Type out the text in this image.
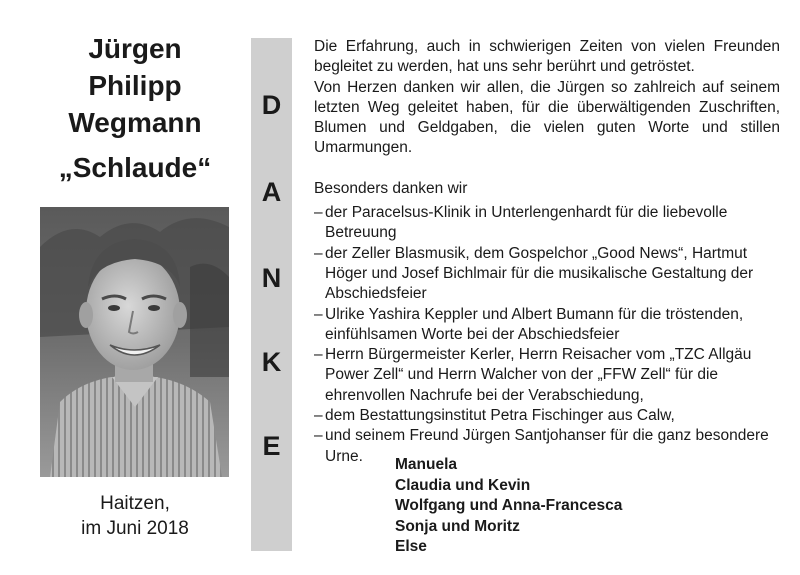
Jürgen
Philipp
Wegmann
„Schlaude“
Haitzen,
im Juni 2018
D
A
N
K
E

Die Erfahrung, auch in schwierigen Zeiten von vielen Freunden begleitet zu werden, hat uns sehr berührt und getröstet.

Von Herzen danken wir allen, die Jürgen so zahlreich auf seinem letzten Weg geleitet haben, für die überwältigenden Zuschriften, Blumen und Geldgaben, die vielen guten Worte und stillen Umarmungen.

Besonders danken wir

– der Paracelsus-Klinik in Unterlengenhardt für die liebevolle Betreuung
– der Zeller Blasmusik, dem Gospelchor „Good News“, Hartmut Höger und Josef Bichlmair für die musikalische Gestaltung der Abschiedsfeier
– Ulrike Yashira Keppler und Albert Bumann für die tröstenden, einfühlsamen Worte bei der Abschiedsfeier
– Herrn Bürgermeister Kerler, Herrn Reisacher vom „TZC Allgäu Power Zell“ und Herrn Walcher von der „FFW Zell“ für die ehrenvollen Nachrufe bei der Verabschiedung,
– dem Bestattungsinstitut Petra Fischinger aus Calw,
– und seinem Freund Jürgen Santjohanser für die ganz besondere Urne.	Manuela
Claudia und Kevin
Wolfgang und Anna-Francesca
Sonja und Moritz
Else
